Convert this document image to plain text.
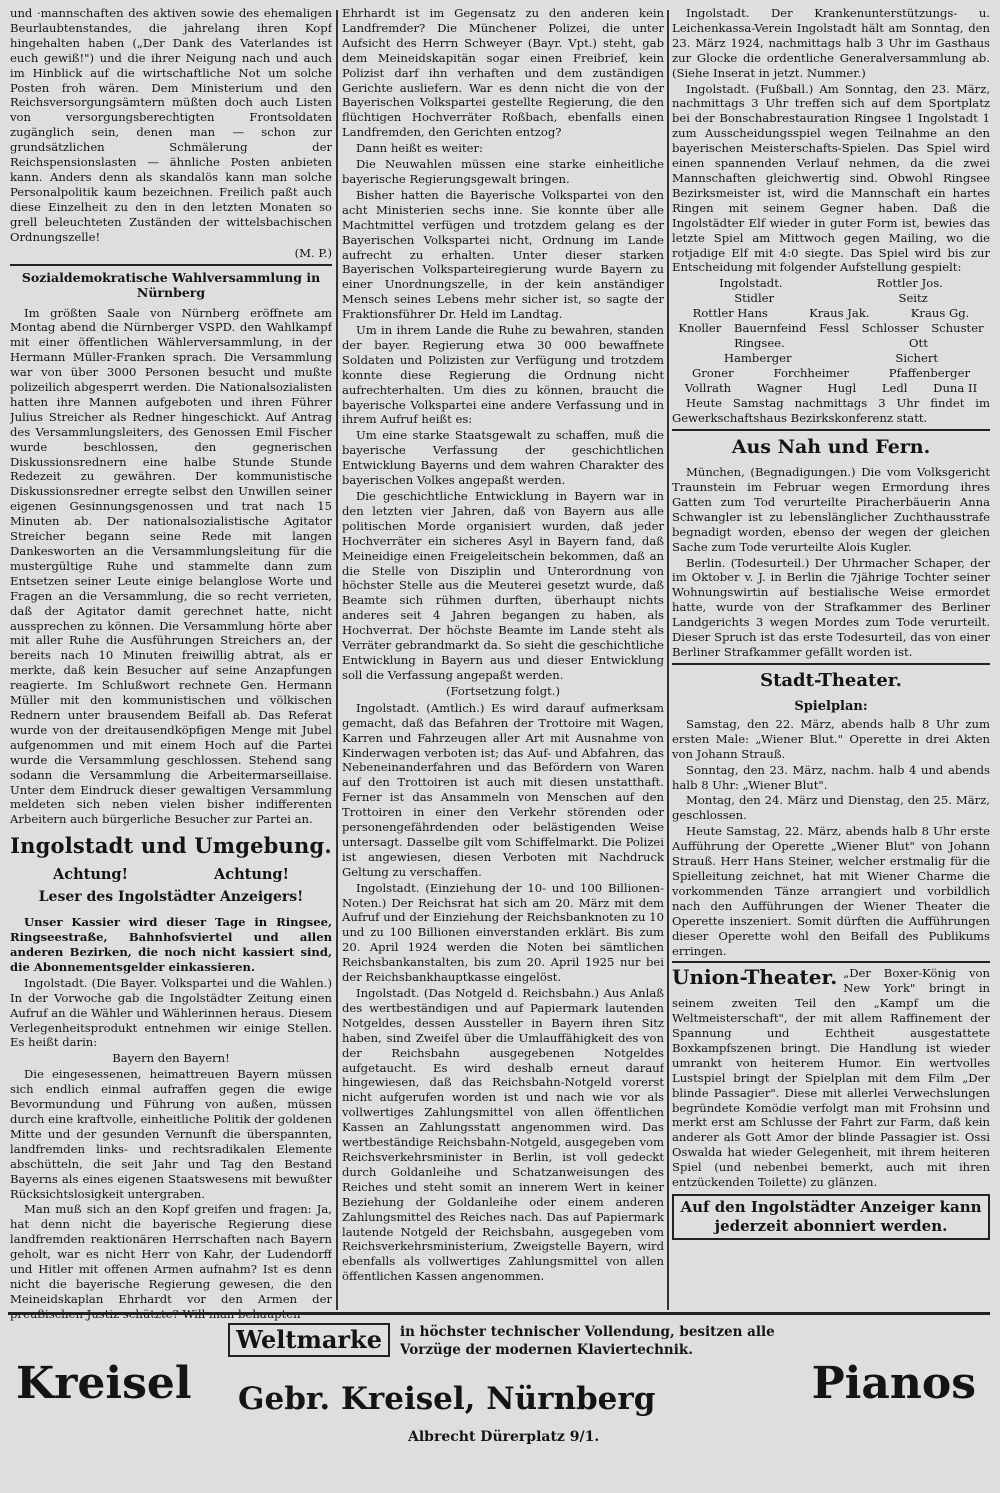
und ·mannschaften des aktiven sowie des ehemaligen Beurlaubtenstandes, die jahrelang ihren Kopf hingehalten haben („Der Dank des Vaterlandes ist euch gewiß!") und die ihrer Neigung nach und auch im Hinblick auf die wirtschaftliche Not um solche Posten froh wären. Dem Ministerium und den Reichsversorgungsämtern müßten doch auch Listen von versorgungsberechtigten Frontsoldaten zugänglich sein, denen man — schon zur grundsätzlichen Schmälerung der Reichspensionslasten — ähnliche Posten anbieten kann. Anders denn als skandalös kann man solche Personalpolitik kaum bezeichnen. Freilich paßt auch diese Einzelheit zu den in den letzten Monaten so grell beleuchteten Zuständen der wittelsbachischen Ordnungszelle!

(M. P.)
Sozialdemokratische Wahlversammlung in Nürnberg

Im größten Saale von Nürnberg eröffnete am Montag abend die Nürnberger VSPD. den Wahlkampf mit einer öffentlichen Wählerversammlung, in der Hermann Müller-Franken sprach. Die Versammlung war von über 3000 Personen besucht und mußte polizeilich abgesperrt werden. Die Nationalsozialisten hatten ihre Mannen aufgeboten und ihren Führer Julius Streicher als Redner hingeschickt. Auf Antrag des Versammlungsleiters, des Genossen Emil Fischer wurde beschlossen, den gegnerischen Diskussionsrednern eine halbe Stunde Stunde Redezeit zu gewähren. Der kommunistische Diskussionsredner erregte selbst den Unwillen seiner eigenen Gesinnungsgenossen und trat nach 15 Minuten ab. Der nationalsozialistische Agitator Streicher begann seine Rede mit langen Dankesworten an die Versammlungsleitung für die mustergültige Ruhe und stammelte dann zum Entsetzen seiner Leute einige belanglose Worte und Fragen an die Versammlung, die so recht verrieten, daß der Agitator damit gerechnet hatte, nicht aussprechen zu können. Die Versammlung hörte aber mit aller Ruhe die Ausführungen Streichers an, der bereits nach 10 Minuten freiwillig abtrat, als er merkte, daß kein Besucher auf seine Anzapfungen reagierte. Im Schlußwort rechnete Gen. Hermann Müller mit den kommunistischen und völkischen Rednern unter brausendem Beifall ab. Das Referat wurde von der dreitausendköpfigen Menge mit Jubel aufgenommen und mit einem Hoch auf die Partei wurde die Versammlung geschlossen. Stehend sang sodann die Versammlung die Arbeitermarseillaise. Unter dem Eindruck dieser gewaltigen Versammlung meldeten sich neben vielen bisher indifferenten Arbeitern auch bürgerliche Besucher zur Partei an.

Ingolstadt und Umgebung.
Achtung!	Achtung!
Leser des Ingolstädter Anzeigers!

Unser Kassier wird dieser Tage in Ringsee, Ringseestraße, Bahnhofsviertel und allen anderen Bezirken, die noch nicht kassiert sind, die Abonnementsgelder einkassieren.

Ingolstadt. (Die Bayer. Volkspartei und die Wahlen.) In der Vorwoche gab die Ingolstädter Zeitung einen Aufruf an die Wähler und Wählerinnen heraus. Diesem Verlegenheitsprodukt entnehmen wir einige Stellen. Es heißt darin:

Bayern den Bayern!

Die eingesessenen, heimattreuen Bayern müssen sich endlich einmal aufraffen gegen die ewige Bevormundung und Führung von außen, müssen durch eine kraftvolle, einheitliche Politik der goldenen Mitte und der gesunden Vernunft die überspannten, landfremden links- und rechtsradikalen Elemente abschütteln, die seit Jahr und Tag den Bestand Bayerns als eines eigenen Staatswesens mit bewußter Rücksichtslosigkeit untergraben.

Man muß sich an den Kopf greifen und fragen: Ja, hat denn nicht die bayerische Regierung diese landfremden reaktionären Herrschaften nach Bayern geholt, war es nicht Herr von Kahr, der Ludendorff und Hitler mit offenen Armen aufnahm? Ist es denn nicht die bayerische Regierung gewesen, die den Meineidskaplan Ehrhardt vor den Armen der preußischen Justiz schützte? Will man behaupten

Ehrhardt ist im Gegensatz zu den anderen kein Landfremder? Die Münchener Polizei, die unter Aufsicht des Herrn Schweyer (Bayr. Vpt.) steht, gab dem Meineidskapitän sogar einen Freibrief, kein Polizist darf ihn verhaften und dem zuständigen Gerichte ausliefern. War es denn nicht die von der Bayerischen Volkspartei gestellte Regierung, die den flüchtigen Hochverräter Roßbach, ebenfalls einen Landfremden, den Gerichten entzog?

Dann heißt es weiter:

Die Neuwahlen müssen eine starke einheitliche bayerische Regierungsgewalt bringen.

Bisher hatten die Bayerische Volkspartei von den acht Ministerien sechs inne. Sie konnte über alle Machtmittel verfügen und trotzdem gelang es der Bayerischen Volkspartei nicht, Ordnung im Lande aufrecht zu erhalten. Unter dieser starken Bayerischen Volksparteiregierung wurde Bayern zu einer Unordnungszelle, in der kein anständiger Mensch seines Lebens mehr sicher ist, so sagte der Fraktionsführer Dr. Held im Landtag.

Um in ihrem Lande die Ruhe zu bewahren, standen der bayer. Regierung etwa 30 000 bewaffnete Soldaten und Polizisten zur Verfügung und trotzdem konnte diese Regierung die Ordnung nicht aufrechterhalten. Um dies zu können, braucht die bayerische Volkspartei eine andere Verfassung und in ihrem Aufruf heißt es:

Um eine starke Staatsgewalt zu schaffen, muß die bayerische Verfassung der geschichtlichen Entwicklung Bayerns und dem wahren Charakter des bayerischen Volkes angepaßt werden.

Die geschichtliche Entwicklung in Bayern war in den letzten vier Jahren, daß von Bayern aus alle politischen Morde organisiert wurden, daß jeder Hochverräter ein sicheres Asyl in Bayern fand, daß Meineidige einen Freigeleitschein bekommen, daß an die Stelle von Disziplin und Unterordnung von höchster Stelle aus die Meuterei gesetzt wurde, daß Beamte sich rühmen durften, überhaupt nichts anderes seit 4 Jahren begangen zu haben, als Hochverrat. Der höchste Beamte im Lande steht als Verräter gebrandmarkt da. So sieht die geschichtliche Entwicklung in Bayern aus und dieser Entwicklung soll die Verfassung angepaßt werden.

(Fortsetzung folgt.)

Ingolstadt. (Amtlich.) Es wird darauf aufmerksam gemacht, daß das Befahren der Trottoire mit Wagen, Karren und Fahrzeugen aller Art mit Ausnahme von Kinderwagen verboten ist; das Auf- und Abfahren, das Nebeneinanderfahren und das Befördern von Waren auf den Trottoiren ist auch mit diesen unstatthaft. Ferner ist das Ansammeln von Menschen auf den Trottoiren in einer den Verkehr störenden oder personengefährdenden oder belästigenden Weise untersagt. Dasselbe gilt vom Schiffelmarkt. Die Polizei ist angewiesen, diesen Verboten mit Nachdruck Geltung zu verschaffen.

Ingolstadt. (Einziehung der 10- und 100 Billionen-Noten.) Der Reichsrat hat sich am 20. März mit dem Aufruf und der Einziehung der Reichsbanknoten zu 10 und zu 100 Billionen einverstanden erklärt. Bis zum 20. April 1924 werden die Noten bei sämtlichen Reichsbankanstalten, bis zum 20. April 1925 nur bei der Reichsbankhauptkasse eingelöst.

Ingolstadt. (Das Notgeld d. Reichsbahn.) Aus Anlaß des wertbeständigen und auf Papiermark lautenden Notgeldes, dessen Aussteller in Bayern ihren Sitz haben, sind Zweifel über die Umlauffähigkeit des von der Reichsbahn ausgegebenen Notgeldes aufgetaucht. Es wird deshalb erneut darauf hingewiesen, daß das Reichsbahn-Notgeld vorerst nicht aufgerufen worden ist und nach wie vor als vollwertiges Zahlungsmittel von allen öffentlichen Kassen an Zahlungsstatt angenommen wird. Das wertbeständige Reichsbahn-Notgeld, ausgegeben vom Reichsverkehrsminister in Berlin, ist voll gedeckt durch Goldanleihe und Schatzanweisungen des Reiches und steht somit an innerem Wert in keiner Beziehung der Goldanleihe oder einem anderen Zahlungsmittel des Reiches nach. Das auf Papiermark lautende Notgeld der Reichsbahn, ausgegeben vom Reichsverkehrsministerium, Zweigstelle Bayern, wird ebenfalls als vollwertiges Zahlungsmittel von allen öffentlichen Kassen angenommen.

Ingolstadt. Der Krankenunterstützungs- u. Leichenkassa-Verein Ingolstadt hält am Sonntag, den 23. März 1924, nachmittags halb 3 Uhr im Gasthaus zur Glocke die ordentliche Generalversammlung ab. (Siehe Inserat in jetzt. Nummer.)

Ingolstadt. (Fußball.) Am Sonntag, den 23. März, nachmittags 3 Uhr treffen sich auf dem Sportplatz bei der Bonschabrestauration Ringsee 1 Ingolstadt 1 zum Ausscheidungsspiel wegen Teilnahme an den bayerischen Meisterschafts-Spielen. Das Spiel wird einen spannenden Verlauf nehmen, da die zwei Mannschaften gleichwertig sind. Obwohl Ringsee Bezirksmeister ist, wird die Mannschaft ein hartes Ringen mit seinem Gegner haben. Daß die Ingolstädter Elf wieder in guter Form ist, bewies das letzte Spiel am Mittwoch gegen Mailing, wo die rotjadige Elf mit 4:0 siegte. Das Spiel wird bis zur Entscheidung mit folgender Aufstellung gespielt:

Ingolstadt.	Rottler Jos.
Stidler	Seitz
Rottler Hans	Kraus Jak.	Kraus Gg.
Knoller Bauernfeind Fessl Schlosser Schuster
Ringsee.	Ott
Hamberger	Sichert
Groner	Forchheimer	Pfaffenberger
Vollrath Wagner Hugl Ledl Duna II

Heute Samstag nachmittags 3 Uhr findet im Gewerkschaftshaus Bezirkskonferenz statt.

Aus Nah und Fern.

München, (Begnadigungen.) Die vom Volksgericht Traunstein im Februar wegen Ermordung ihres Gatten zum Tod verurteilte Piracherbäuerin Anna Schwangler ist zu lebenslänglicher Zuchthausstrafe begnadigt worden, ebenso der wegen der gleichen Sache zum Tode verurteilte Alois Kugler.

Berlin. (Todesurteil.) Der Uhrmacher Schaper, der im Oktober v. J. in Berlin die 7jährige Tochter seiner Wohnungswirtin auf bestialische Weise ermordet hatte, wurde von der Strafkammer des Berliner Landgerichts 3 wegen Mordes zum Tode verurteilt. Dieser Spruch ist das erste Todesurteil, das von einer Berliner Strafkammer gefällt worden ist.

Stadt-Theater.
Spielplan:

Samstag, den 22. März, abends halb 8 Uhr zum ersten Male: „Wiener Blut." Operette in drei Akten von Johann Strauß.

Sonntag, den 23. März, nachm. halb 4 und abends halb 8 Uhr: „Wiener Blut".

Montag, den 24. März und Dienstag, den 25. März, geschlossen.

Heute Samstag, 22. März, abends halb 8 Uhr erste Aufführung der Operette „Wiener Blut" von Johann Strauß. Herr Hans Steiner, welcher erstmalig für die Spielleitung zeichnet, hat mit Wiener Charme die vorkommenden Tänze arrangiert und vorbildlich nach den Aufführungen der Wiener Theater die Operette inszeniert. Somit dürften die Aufführungen dieser Operette wohl den Beifall des Publikums erringen.

Union-Theater. „Der Boxer-König von New York" bringt in seinem zweiten Teil den „Kampf um die Weltmeisterschaft", der mit allem Raffinement der Spannung und Echtheit ausgestattete Boxkampfszenen bringt. Die Handlung ist wieder umrankt von heiterem Humor. Ein wertvolles Lustspiel bringt der Spielplan mit dem Film „Der blinde Passagier". Diese mit allerlei Verwechslungen begründete Komödie verfolgt man mit Frohsinn und merkt erst am Schlusse der Fahrt zur Farm, daß kein anderer als Gott Amor der blinde Passagier ist. Ossi Oswalda hat wieder Gelegenheit, mit ihrem heiteren Spiel (und nebenbei bemerkt, auch mit ihren entzückenden Toilette) zu glänzen.

Auf den Ingolstädter Anzeiger kann jederzeit abonniert werden.
Kreisel
Weltmarke	in höchster technischer Vollendung, besitzen alle Vorzüge der modernen Klaviertechnik.
Gebr. Kreisel, Nürnberg
Albrecht Dürerplatz 9/1.
Pianos
